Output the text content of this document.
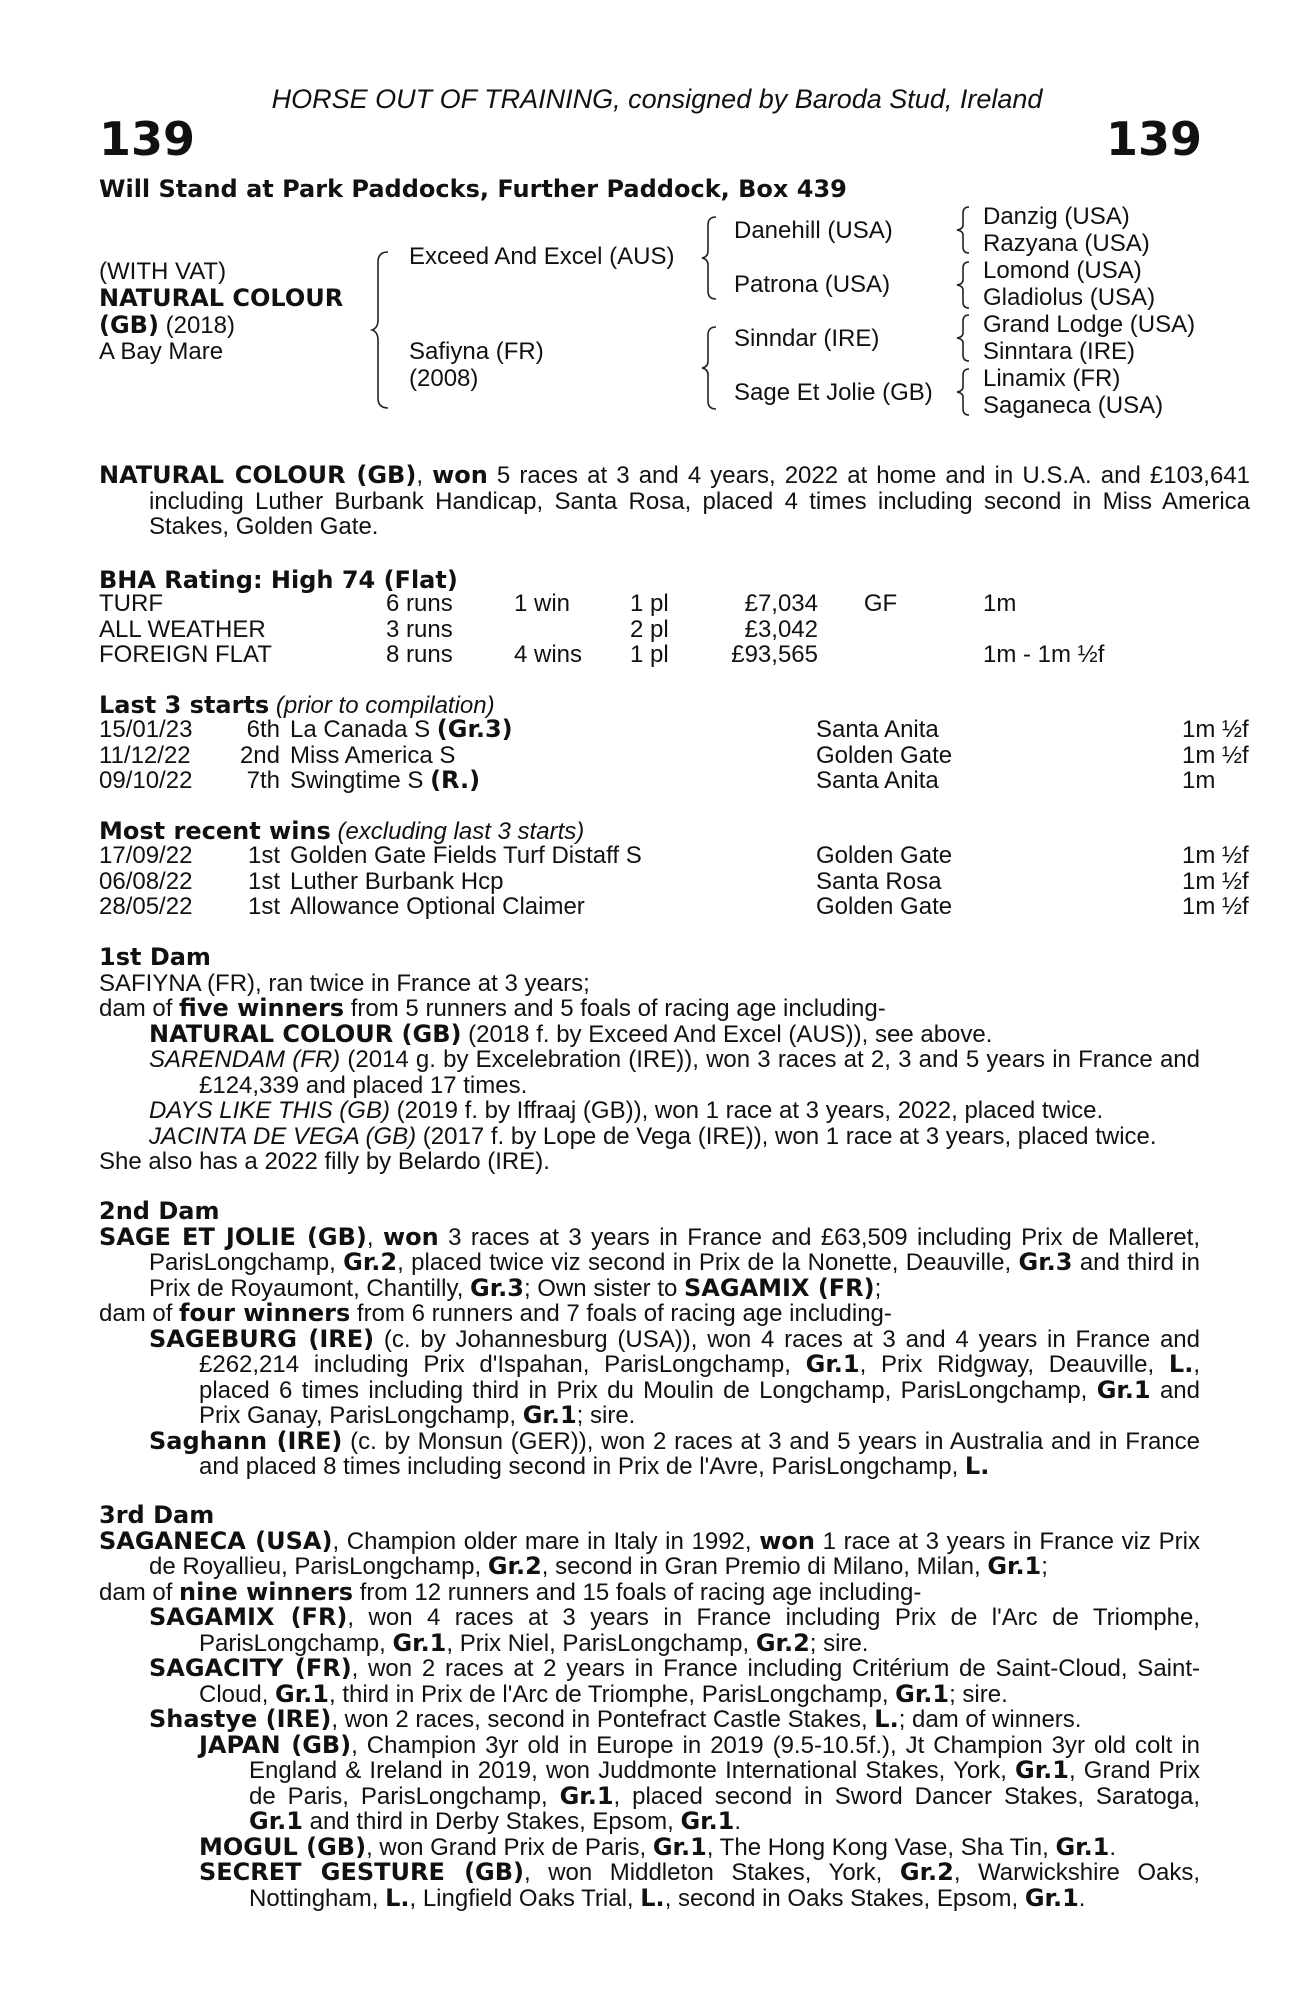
HORSE OUT OF TRAINING, consigned by Baroda Stud, Ireland
139	139
Will Stand at Park Paddocks, Further Paddock, Box 439
(WITH VAT)
NATURAL COLOUR
(GB) (2018)
A Bay Mare
Exceed And Excel (AUS)
Safiyna (FR)
(2008)
Danehill (USA)
Patrona (USA)
Sinndar (IRE)
Sage Et Jolie (GB)
Danzig (USA)
Razyana (USA)
Lomond (USA)
Gladiolus (USA)
Grand Lodge (USA)
Sinntara (IRE)
Linamix (FR)
Saganeca (USA)
NATURAL COLOUR (GB), won 5 races at 3 and 4 years, 2022 at home and in U.S.A. and £103,641 including Luther Burbank Handicap, Santa Rosa, placed 4 times including second in Miss America Stakes, Golden Gate.
BHA Rating: High 74 (Flat)
TURF	6 runs	1 win	1 pl	£7,034	GF	1m
ALL WEATHER	3 runs		2 pl	£3,042		
FOREIGN FLAT	8 runs	4 wins	1 pl	£93,565		1m - 1m ½f
Last 3 starts (prior to compilation)
15/01/23	6th	La Canada S (Gr.3)	Santa Anita	1m ½f
11/12/22	2nd	Miss America S	Golden Gate	1m ½f
09/10/22	7th	Swingtime S (R.)	Santa Anita	1m
Most recent wins (excluding last 3 starts)
17/09/22	1st	Golden Gate Fields Turf Distaff S	Golden Gate	1m ½f
06/08/22	1st	Luther Burbank Hcp	Santa Rosa	1m ½f
28/05/22	1st	Allowance Optional Claimer	Golden Gate	1m ½f

1st Dam

SAFIYNA (FR), ran twice in France at 3 years;

dam of five winners from 5 runners and 5 foals of racing age including-

NATURAL COLOUR (GB) (2018 f. by Exceed And Excel (AUS)), see above.

SARENDAM (FR) (2014 g. by Excelebration (IRE)), won 3 races at 2, 3 and 5 years in France and £124,339 and placed 17 times.

DAYS LIKE THIS (GB) (2019 f. by Iffraaj (GB)), won 1 race at 3 years, 2022, placed twice.

JACINTA DE VEGA (GB) (2017 f. by Lope de Vega (IRE)), won 1 race at 3 years, placed twice.

She also has a 2022 filly by Belardo (IRE).

2nd Dam

SAGE ET JOLIE (GB), won 3 races at 3 years in France and £63,509 including Prix de Malleret, ParisLongchamp, Gr.2, placed twice viz second in Prix de la Nonette, Deauville, Gr.3 and third in Prix de Royaumont, Chantilly, Gr.3; Own sister to SAGAMIX (FR);

dam of four winners from 6 runners and 7 foals of racing age including-

SAGEBURG (IRE) (c. by Johannesburg (USA)), won 4 races at 3 and 4 years in France and £262,214 including Prix d'Ispahan, ParisLongchamp, Gr.1, Prix Ridgway, Deauville, L., placed 6 times including third in Prix du Moulin de Longchamp, ParisLongchamp, Gr.1 and Prix Ganay, ParisLongchamp, Gr.1; sire.

Saghann (IRE) (c. by Monsun (GER)), won 2 races at 3 and 5 years in Australia and in France and placed 8 times including second in Prix de l'Avre, ParisLongchamp, L.

3rd Dam

SAGANECA (USA), Champion older mare in Italy in 1992, won 1 race at 3 years in France viz Prix de Royallieu, ParisLongchamp, Gr.2, second in Gran Premio di Milano, Milan, Gr.1;

dam of nine winners from 12 runners and 15 foals of racing age including-

SAGAMIX (FR), won 4 races at 3 years in France including Prix de l'Arc de Triomphe, ParisLongchamp, Gr.1, Prix Niel, ParisLongchamp, Gr.2; sire.

SAGACITY (FR), won 2 races at 2 years in France including Critérium de Saint-Cloud, Saint-Cloud, Gr.1, third in Prix de l'Arc de Triomphe, ParisLongchamp, Gr.1; sire.

Shastye (IRE), won 2 races, second in Pontefract Castle Stakes, L.; dam of winners.

JAPAN (GB), Champion 3yr old in Europe in 2019 (9.5-10.5f.), Jt Champion 3yr old colt in England & Ireland in 2019, won Juddmonte International Stakes, York, Gr.1, Grand Prix de Paris, ParisLongchamp, Gr.1, placed second in Sword Dancer Stakes, Saratoga, Gr.1 and third in Derby Stakes, Epsom, Gr.1.

MOGUL (GB), won Grand Prix de Paris, Gr.1, The Hong Kong Vase, Sha Tin, Gr.1.

SECRET GESTURE (GB), won Middleton Stakes, York, Gr.2, Warwickshire Oaks, Nottingham, L., Lingfield Oaks Trial, L., second in Oaks Stakes, Epsom, Gr.1.
